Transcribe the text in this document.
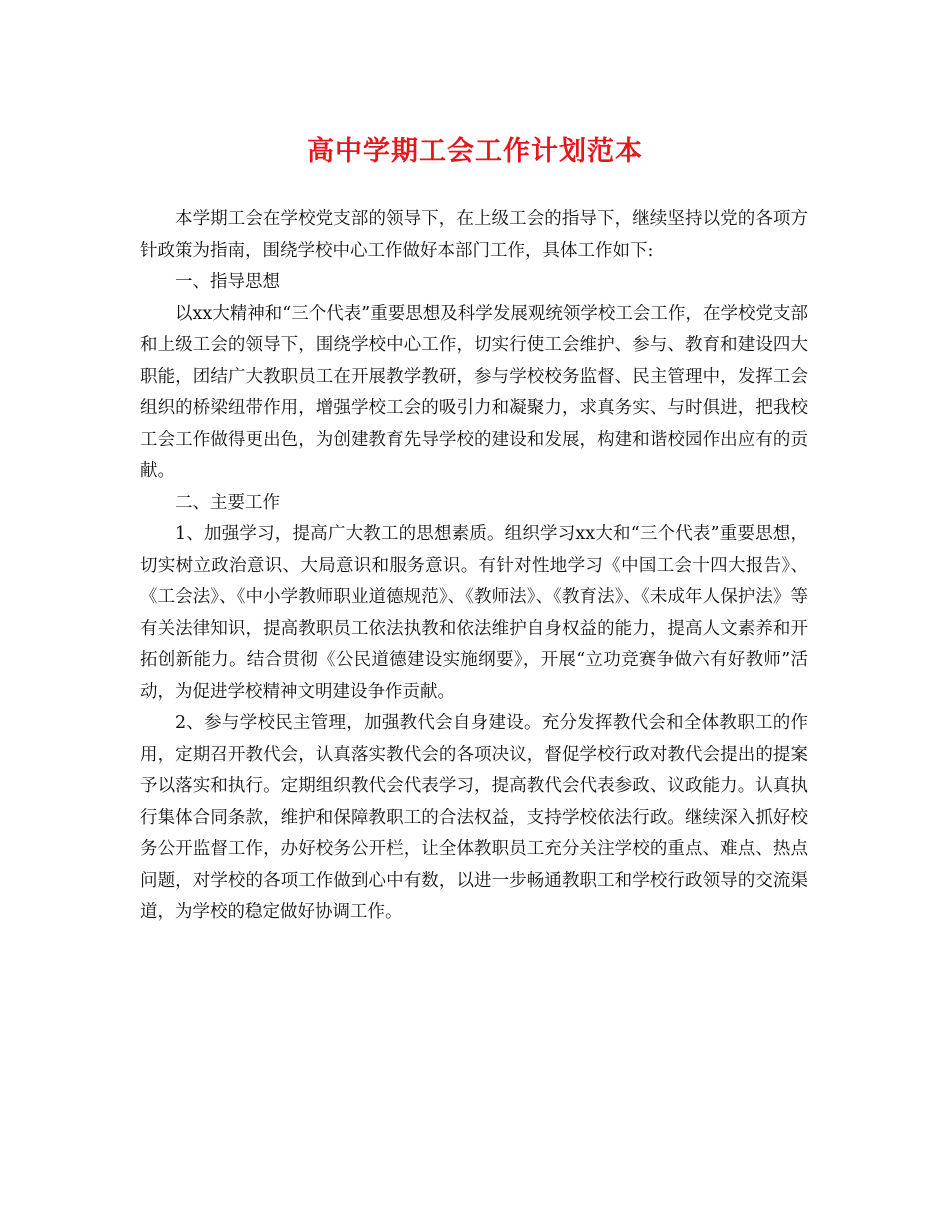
高中学期工会工作计划范本

本学期工会在学校党支部的领导下，在上级工会的指导下，继续坚持以党的各项方针政策为指南，围绕学校中心工作做好本部门工作，具体工作如下:

一、指导思想

以xx大精神和“三个代表”重要思想及科学发展观统领学校工会工作，在学校党支部和上级工会的领导下，围绕学校中心工作，切实行使工会维护、参与、教育和建设四大职能，团结广大教职员工在开展教学教研，参与学校校务监督、民主管理中，发挥工会组织的桥梁纽带作用，增强学校工会的吸引力和凝聚力，求真务实、与时俱进，把我校工会工作做得更出色，为创建教育先导学校的建设和发展，构建和谐校园作出应有的贡献。

二、主要工作

1、加强学习，提高广大教工的思想素质。组织学习xx大和“三个代表”重要思想，切实树立政治意识、大局意识和服务意识。有针对性地学习《中国工会十四大报告》、《工会法》、《中小学教师职业道德规范》、《教师法》、《教育法》、《未成年人保护法》等有关法律知识，提高教职员工依法执教和依法维护自身权益的能力，提高人文素养和开拓创新能力。结合贯彻《公民道德建设实施纲要》，开展“立功竞赛争做六有好教师”活动，为促进学校精神文明建设争作贡献。

2、参与学校民主管理，加强教代会自身建设。充分发挥教代会和全体教职工的作用，定期召开教代会，认真落实教代会的各项决议，督促学校行政对教代会提出的提案予以落实和执行。定期组织教代会代表学习，提高教代会代表参政、议政能力。认真执行集体合同条款，维护和保障教职工的合法权益，支持学校依法行政。继续深入抓好校务公开监督工作，办好校务公开栏，让全体教职员工充分关注学校的重点、难点、热点问题，对学校的各项工作做到心中有数，以进一步畅通教职工和学校行政领导的交流渠道，为学校的稳定做好协调工作。
